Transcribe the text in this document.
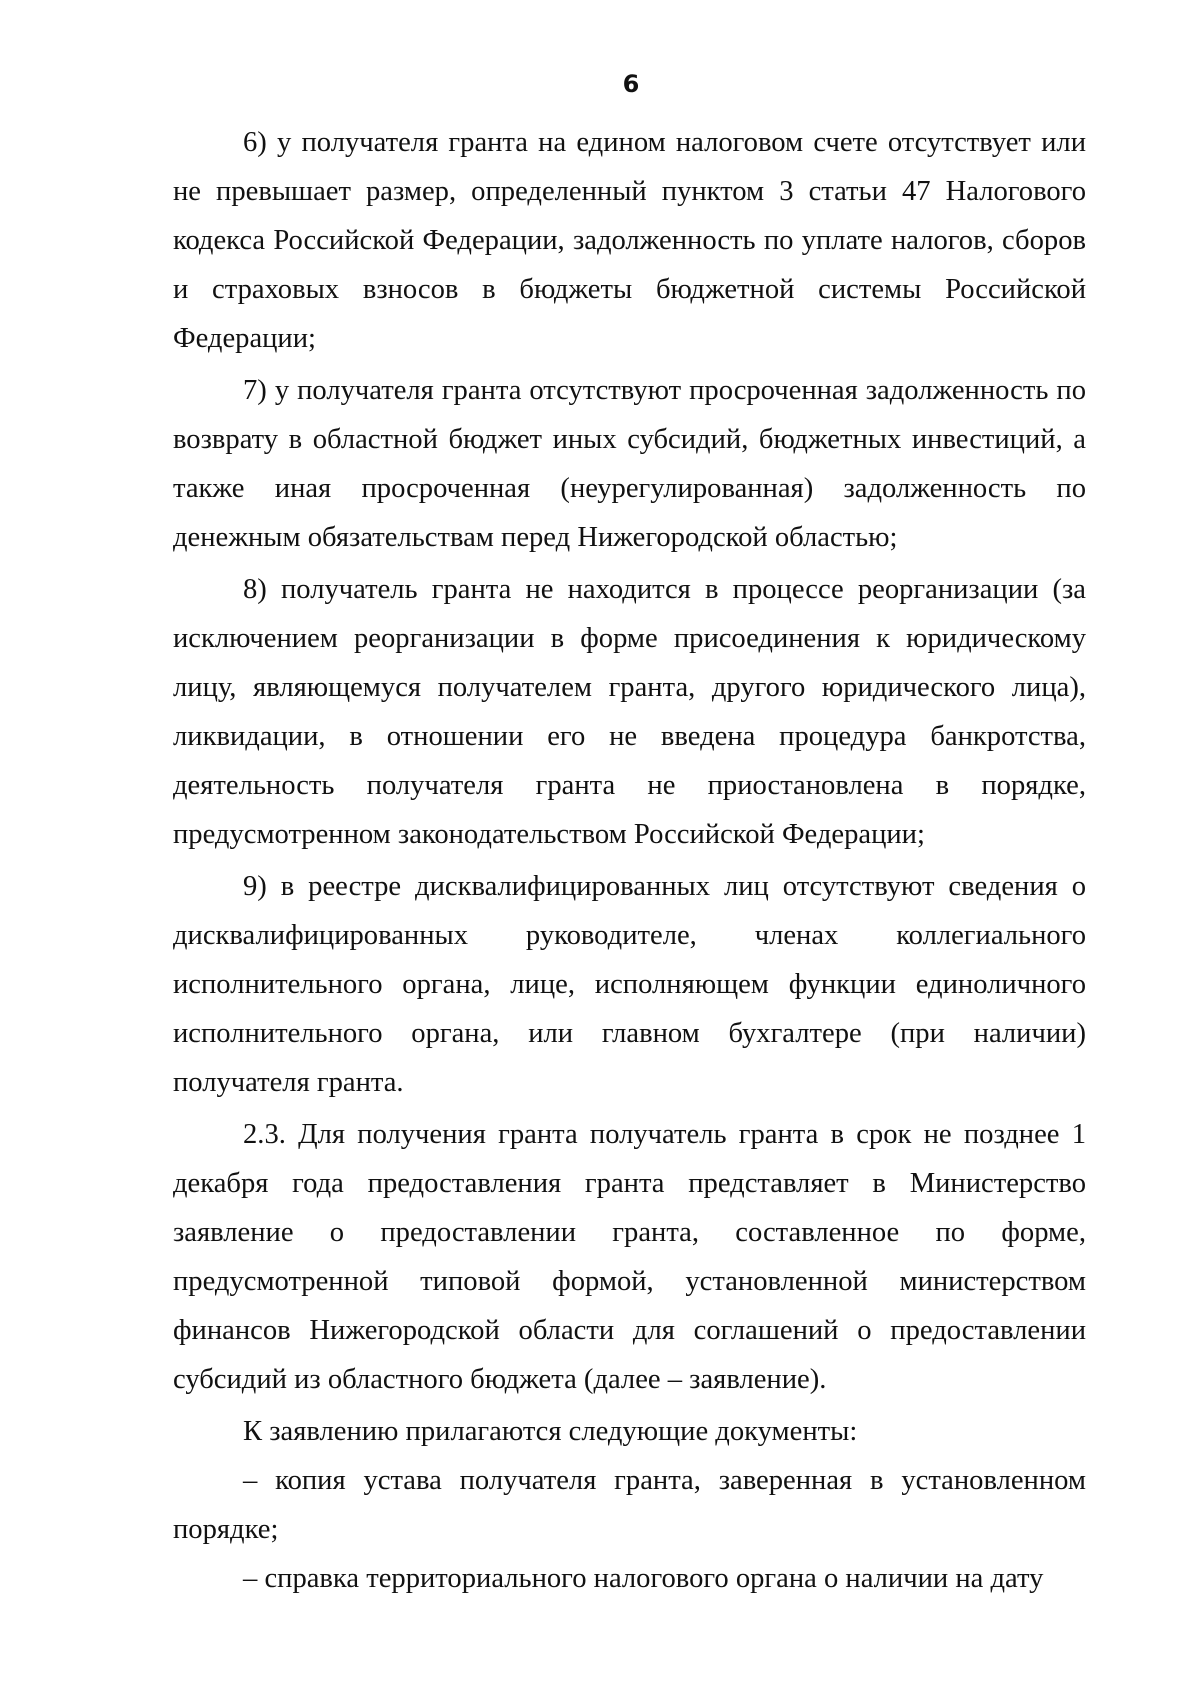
6

6) у получателя гранта на едином налоговом счете отсутствует или не превышает размер, определенный пунктом 3 статьи 47 Налогового кодекса Российской Федерации, задолженность по уплате налогов, сборов и страховых взносов в бюджеты бюджетной системы Российской Федерации;

7) у получателя гранта отсутствуют просроченная задолженность по возврату в областной бюджет иных субсидий, бюджетных инвестиций, а также иная просроченная (неурегулированная) задолженность по денежным обязательствам перед Нижегородской областью;

8) получатель гранта не находится в процессе реорганизации (за исключением реорганизации в форме присоединения к юридическому лицу, являющемуся получателем гранта, другого юридического лица), ликвидации, в отношении его не введена процедура банкротства, деятельность получателя гранта не приостановлена в порядке, предусмотренном законодательством Российской Федерации;

9) в реестре дисквалифицированных лиц отсутствуют сведения о дисквалифицированных руководителе, членах коллегиального исполнительного органа, лице, исполняющем функции единоличного исполнительного органа, или главном бухгалтере (при наличии) получателя гранта.

2.3. Для получения гранта получатель гранта в срок не позднее 1 декабря года предоставления гранта представляет в Министерство заявление о предоставлении гранта, составленное по форме, предусмотренной типовой формой, установленной министерством финансов Нижегородской области для соглашений о предоставлении субсидий из областного бюджета (далее – заявление).

К заявлению прилагаются следующие документы:

– копия устава получателя гранта, заверенная в установленном порядке;

– справка территориального налогового органа о наличии на дату
